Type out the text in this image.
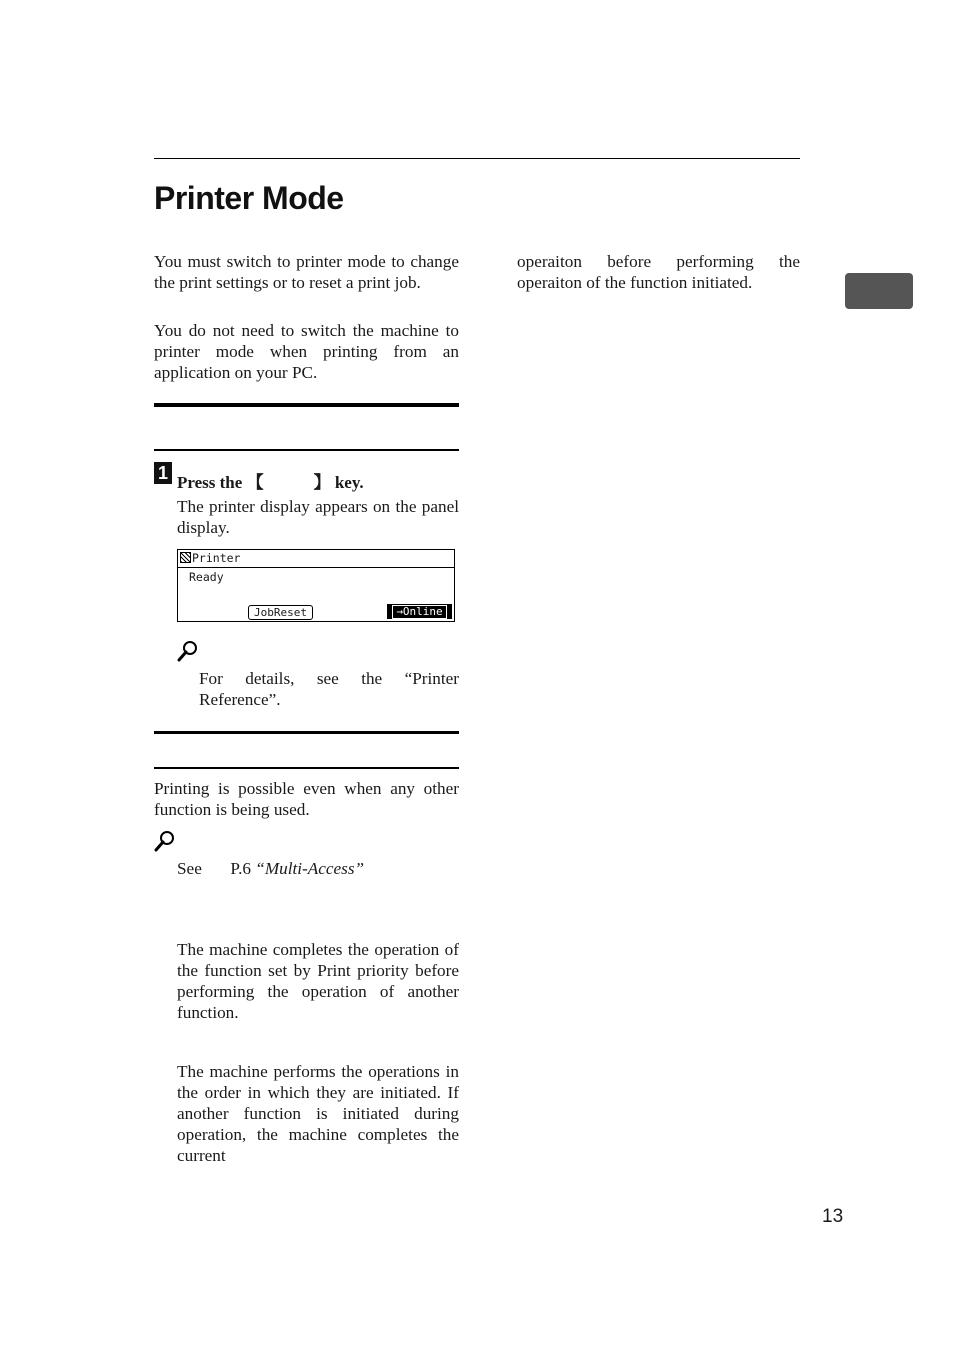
Printer Mode

You must switch to printer mode to change the print settings or to reset a print job.

You do not need to switch the machine to printer mode when printing from an application on your PC.

1 Press the 【	】 key.

The printer display appears on the panel display.

Printer
Ready
JobReset	→Online

For details, see the “Printer Reference”.

Printing is possible even when any other function is being used.

See P.6 “Multi-Access”

The machine completes the operation of the function set by Print priority before performing the operation of another function.

The machine performs the operations in the order in which they are initiated. If another function is initiated during operation, the machine completes the current

operaiton before performing the operaiton of the function initiated.

13
